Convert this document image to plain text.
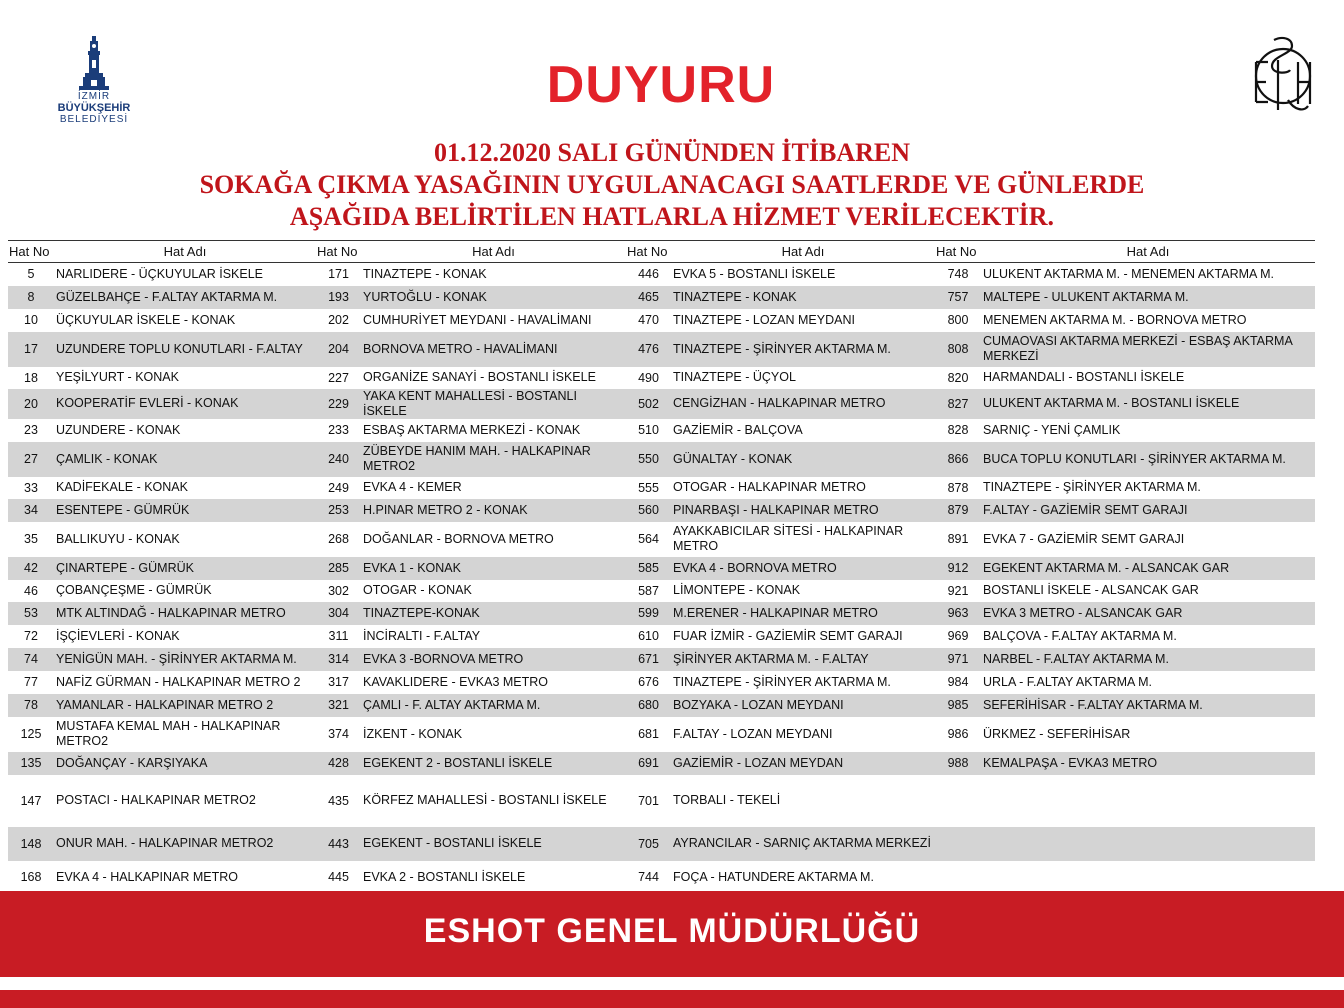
İZMİR
BÜYÜKŞEHİR
BELEDİYESİ
DUYURU

01.12.2020 SALI GÜNÜNDEN İTİBAREN

SOKAĞA ÇIKMA YASAĞININ UYGULANACAGI SAATLERDE VE GÜNLERDE

AŞAĞIDA BELİRTİLEN HATLARLA HİZMET VERİLECEKTİR.

Hat No	Hat Adı	Hat No	Hat Adı	Hat No	Hat Adı	Hat No	Hat Adı
5	NARLIDERE - ÜÇKUYULAR İSKELE	171	TINAZTEPE - KONAK	446	EVKA 5 - BOSTANLI İSKELE	748	ULUKENT AKTARMA M. - MENEMEN AKTARMA M.
8	GÜZELBAHÇE - F.ALTAY AKTARMA M.	193	YURTOĞLU - KONAK	465	TINAZTEPE - KONAK	757	MALTEPE - ULUKENT AKTARMA M.
10	ÜÇKUYULAR İSKELE - KONAK	202	CUMHURİYET MEYDANI - HAVALİMANI	470	TINAZTEPE - LOZAN MEYDANI	800	MENEMEN AKTARMA M. - BORNOVA METRO
17	UZUNDERE TOPLU KONUTLARI - F.ALTAY	204	BORNOVA METRO - HAVALİMANI	476	TINAZTEPE - ŞİRİNYER AKTARMA M.	808	CUMAOVASI AKTARMA MERKEZİ - ESBAŞ AKTARMA MERKEZİ
18	YEŞİLYURT - KONAK	227	ORGANİZE SANAYİ - BOSTANLI İSKELE	490	TINAZTEPE - ÜÇYOL	820	HARMANDALI - BOSTANLI İSKELE
20	KOOPERATİF EVLERİ - KONAK	229	YAKA KENT MAHALLESİ - BOSTANLI İSKELE	502	CENGİZHAN - HALKAPINAR METRO	827	ULUKENT AKTARMA M. - BOSTANLI İSKELE
23	UZUNDERE - KONAK	233	ESBAŞ AKTARMA MERKEZİ - KONAK	510	GAZİEMİR - BALÇOVA	828	SARNIÇ - YENİ ÇAMLIK
27	ÇAMLIK - KONAK	240	ZÜBEYDE HANIM MAH. - HALKAPINAR METRO2	550	GÜNALTAY - KONAK	866	BUCA TOPLU KONUTLARI - ŞİRİNYER AKTARMA M.
33	KADİFEKALE - KONAK	249	EVKA 4 - KEMER	555	OTOGAR - HALKAPINAR METRO	878	TINAZTEPE - ŞİRİNYER AKTARMA M.
34	ESENTEPE - GÜMRÜK	253	H.PINAR METRO 2 - KONAK	560	PINARBAŞI - HALKAPINAR METRO	879	F.ALTAY - GAZİEMİR SEMT GARAJI
35	BALLIKUYU - KONAK	268	DOĞANLAR - BORNOVA METRO	564	AYAKKABICILAR SİTESİ - HALKAPINAR METRO	891	EVKA 7 - GAZİEMİR SEMT GARAJI
42	ÇINARTEPE - GÜMRÜK	285	EVKA 1 - KONAK	585	EVKA 4 - BORNOVA METRO	912	EGEKENT AKTARMA M. - ALSANCAK GAR
46	ÇOBANÇEŞME - GÜMRÜK	302	OTOGAR - KONAK	587	LİMONTEPE - KONAK	921	BOSTANLI İSKELE - ALSANCAK GAR
53	MTK ALTINDAĞ - HALKAPINAR METRO	304	TINAZTEPE-KONAK	599	M.ERENER - HALKAPINAR METRO	963	EVKA 3 METRO - ALSANCAK GAR
72	İŞÇİEVLERİ - KONAK	311	İNCİRALTI - F.ALTAY	610	FUAR İZMİR - GAZİEMİR SEMT GARAJI	969	BALÇOVA - F.ALTAY AKTARMA M.
74	YENİGÜN MAH. - ŞİRİNYER AKTARMA M.	314	EVKA 3 -BORNOVA METRO	671	ŞİRİNYER AKTARMA M. - F.ALTAY	971	NARBEL - F.ALTAY AKTARMA M.
77	NAFİZ GÜRMAN - HALKAPINAR METRO 2	317	KAVAKLIDERE - EVKA3 METRO	676	TINAZTEPE - ŞİRİNYER AKTARMA M.	984	URLA - F.ALTAY AKTARMA M.
78	YAMANLAR - HALKAPINAR METRO 2	321	ÇAMLI - F. ALTAY AKTARMA M.	680	BOZYAKA - LOZAN MEYDANI	985	SEFERİHİSAR - F.ALTAY AKTARMA M.
125	MUSTAFA KEMAL MAH - HALKAPINAR METRO2	374	İZKENT - KONAK	681	F.ALTAY - LOZAN MEYDANI	986	ÜRKMEZ - SEFERİHİSAR
135	DOĞANÇAY - KARŞIYAKA	428	EGEKENT 2 - BOSTANLI İSKELE	691	GAZİEMİR - LOZAN MEYDAN	988	KEMALPAŞA - EVKA3 METRO
147	POSTACI - HALKAPINAR METRO2	435	KÖRFEZ MAHALLESİ - BOSTANLI İSKELE	701	TORBALI - TEKELİ		
148	ONUR MAH. - HALKAPINAR METRO2	443	EGEKENT - BOSTANLI İSKELE	705	AYRANCILAR - SARNIÇ AKTARMA MERKEZİ		
168	EVKA 4 - HALKAPINAR METRO	445	EVKA 2 - BOSTANLI İSKELE	744	FOÇA - HATUNDERE AKTARMA M.		

ESHOT GENEL MÜDÜRLÜĞÜ
